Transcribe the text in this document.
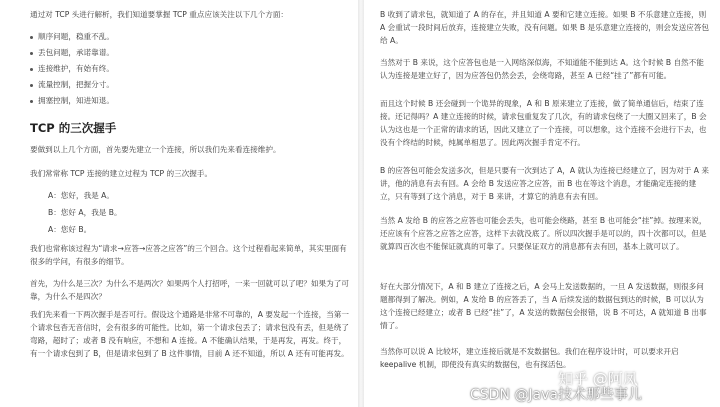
通过对 TCP 头进行解析，我们知道要掌握 TCP 重点应该关注以下几个方面：

顺序问题，稳重不乱。
丢包问题，承诺靠谱。
连接维护，有始有终。
流量控制，把握分寸。
拥塞控制，知进知退。
TCP 的三次握手

要做到以上几个方面，首先要先建立一个连接，所以我们先来看连接维护。

我们常常称 TCP 连接的建立过程为 TCP 的三次握手。

A：您好，我是 A。
B：您好 A，我是 B。
A：您好 B。

我们也常称该过程为“请求→应答→应答之应答”的三个回合。这个过程看起来简单，其实里面有很多的学问，有很多的细节。

首先，为什么是三次？为什么不是两次？如果两个人打招呼，一来一回就可以了吧？如果为了可靠，为什么不是四次？

我们先来看一下两次握手是否可行。假设这个通路是非常不可靠的，A 要发起一个连接，当第一个请求包杳无音信时，会有很多的可能性。比如，第一个请求包丢了；请求包没有丢，但是绕了弯路，超时了；或者 B 没有响应，不想和 A 连接。A 不能确认结果，于是再发，再发。终于，有一个请求包到了 B，但是请求包到了 B 这件事情，目前 A 还不知道，所以 A 还有可能再发。

B 收到了请求包，就知道了 A 的存在，并且知道 A 要和它建立连接。如果 B 不乐意建立连接，则 A 会重试一段时间后放弃，连接建立失败，没有问题。如果 B 是乐意建立连接的，则会发送应答包给 A。

当然对于 B 来说，这个应答包也是一入网络深似海，不知道能不能到达 A。这个时候 B 自然不能认为连接是建立好了，因为应答包仍然会丢，会绕弯路，甚至 A 已经“挂了”都有可能。

而且这个时候 B 还会碰到一个诡异的现象，A 和 B 原来建立了连接，做了简单通信后，结束了连接。还记得吗？A 建立连接的时候，请求包重复发了几次，有的请求包绕了一大圈又回来了，B 会认为这也是一个正常的请求的话，因此又建立了一个连接，可以想象，这个连接不会进行下去，也没有个终结的时候，纯属单相思了。因此两次握手肯定不行。

B 的应答包可能会发送多次，但是只要有一次到达了 A，A 就认为连接已经建立了，因为对于 A 来讲，他的消息有去有回。A 会给 B 发送应答之应答，而 B 也在等这个消息，才能确定连接的建立，只有等到了这个消息，对于 B 来讲，才算它的消息有去有回。

当然 A 发给 B 的应答之应答也可能会丢失，也可能会绕路，甚至 B 也可能会“挂”掉。按理来说，还应该有个应答之应答之应答，这样下去就没底了。所以四次握手是可以的，四十次都可以，但是就算四百次也不能保证就真的可靠了。只要保证双方的消息都有去有回，基本上就可以了。

好在大部分情况下，A 和 B 建立了连接之后，A 会马上发送数据的，一旦 A 发送数据，则很多问题都得到了解决。例如，A 发给 B 的应答丢了，当 A 后续发送的数据包到达的时候，B 可以认为这个连接已经建立；或者 B 已经“挂”了，A 发送的数据包会报错，说 B 不可达，A 就知道 B 出事情了。

当然你可以说 A 比较坏，建立连接后就是不发数据包。我们在程序设计时，可以要求开启 keepalive 机制，即使没有真实的数据包，也有探活包。

知乎 @阿凤
CSDN @Java技术那些事儿
